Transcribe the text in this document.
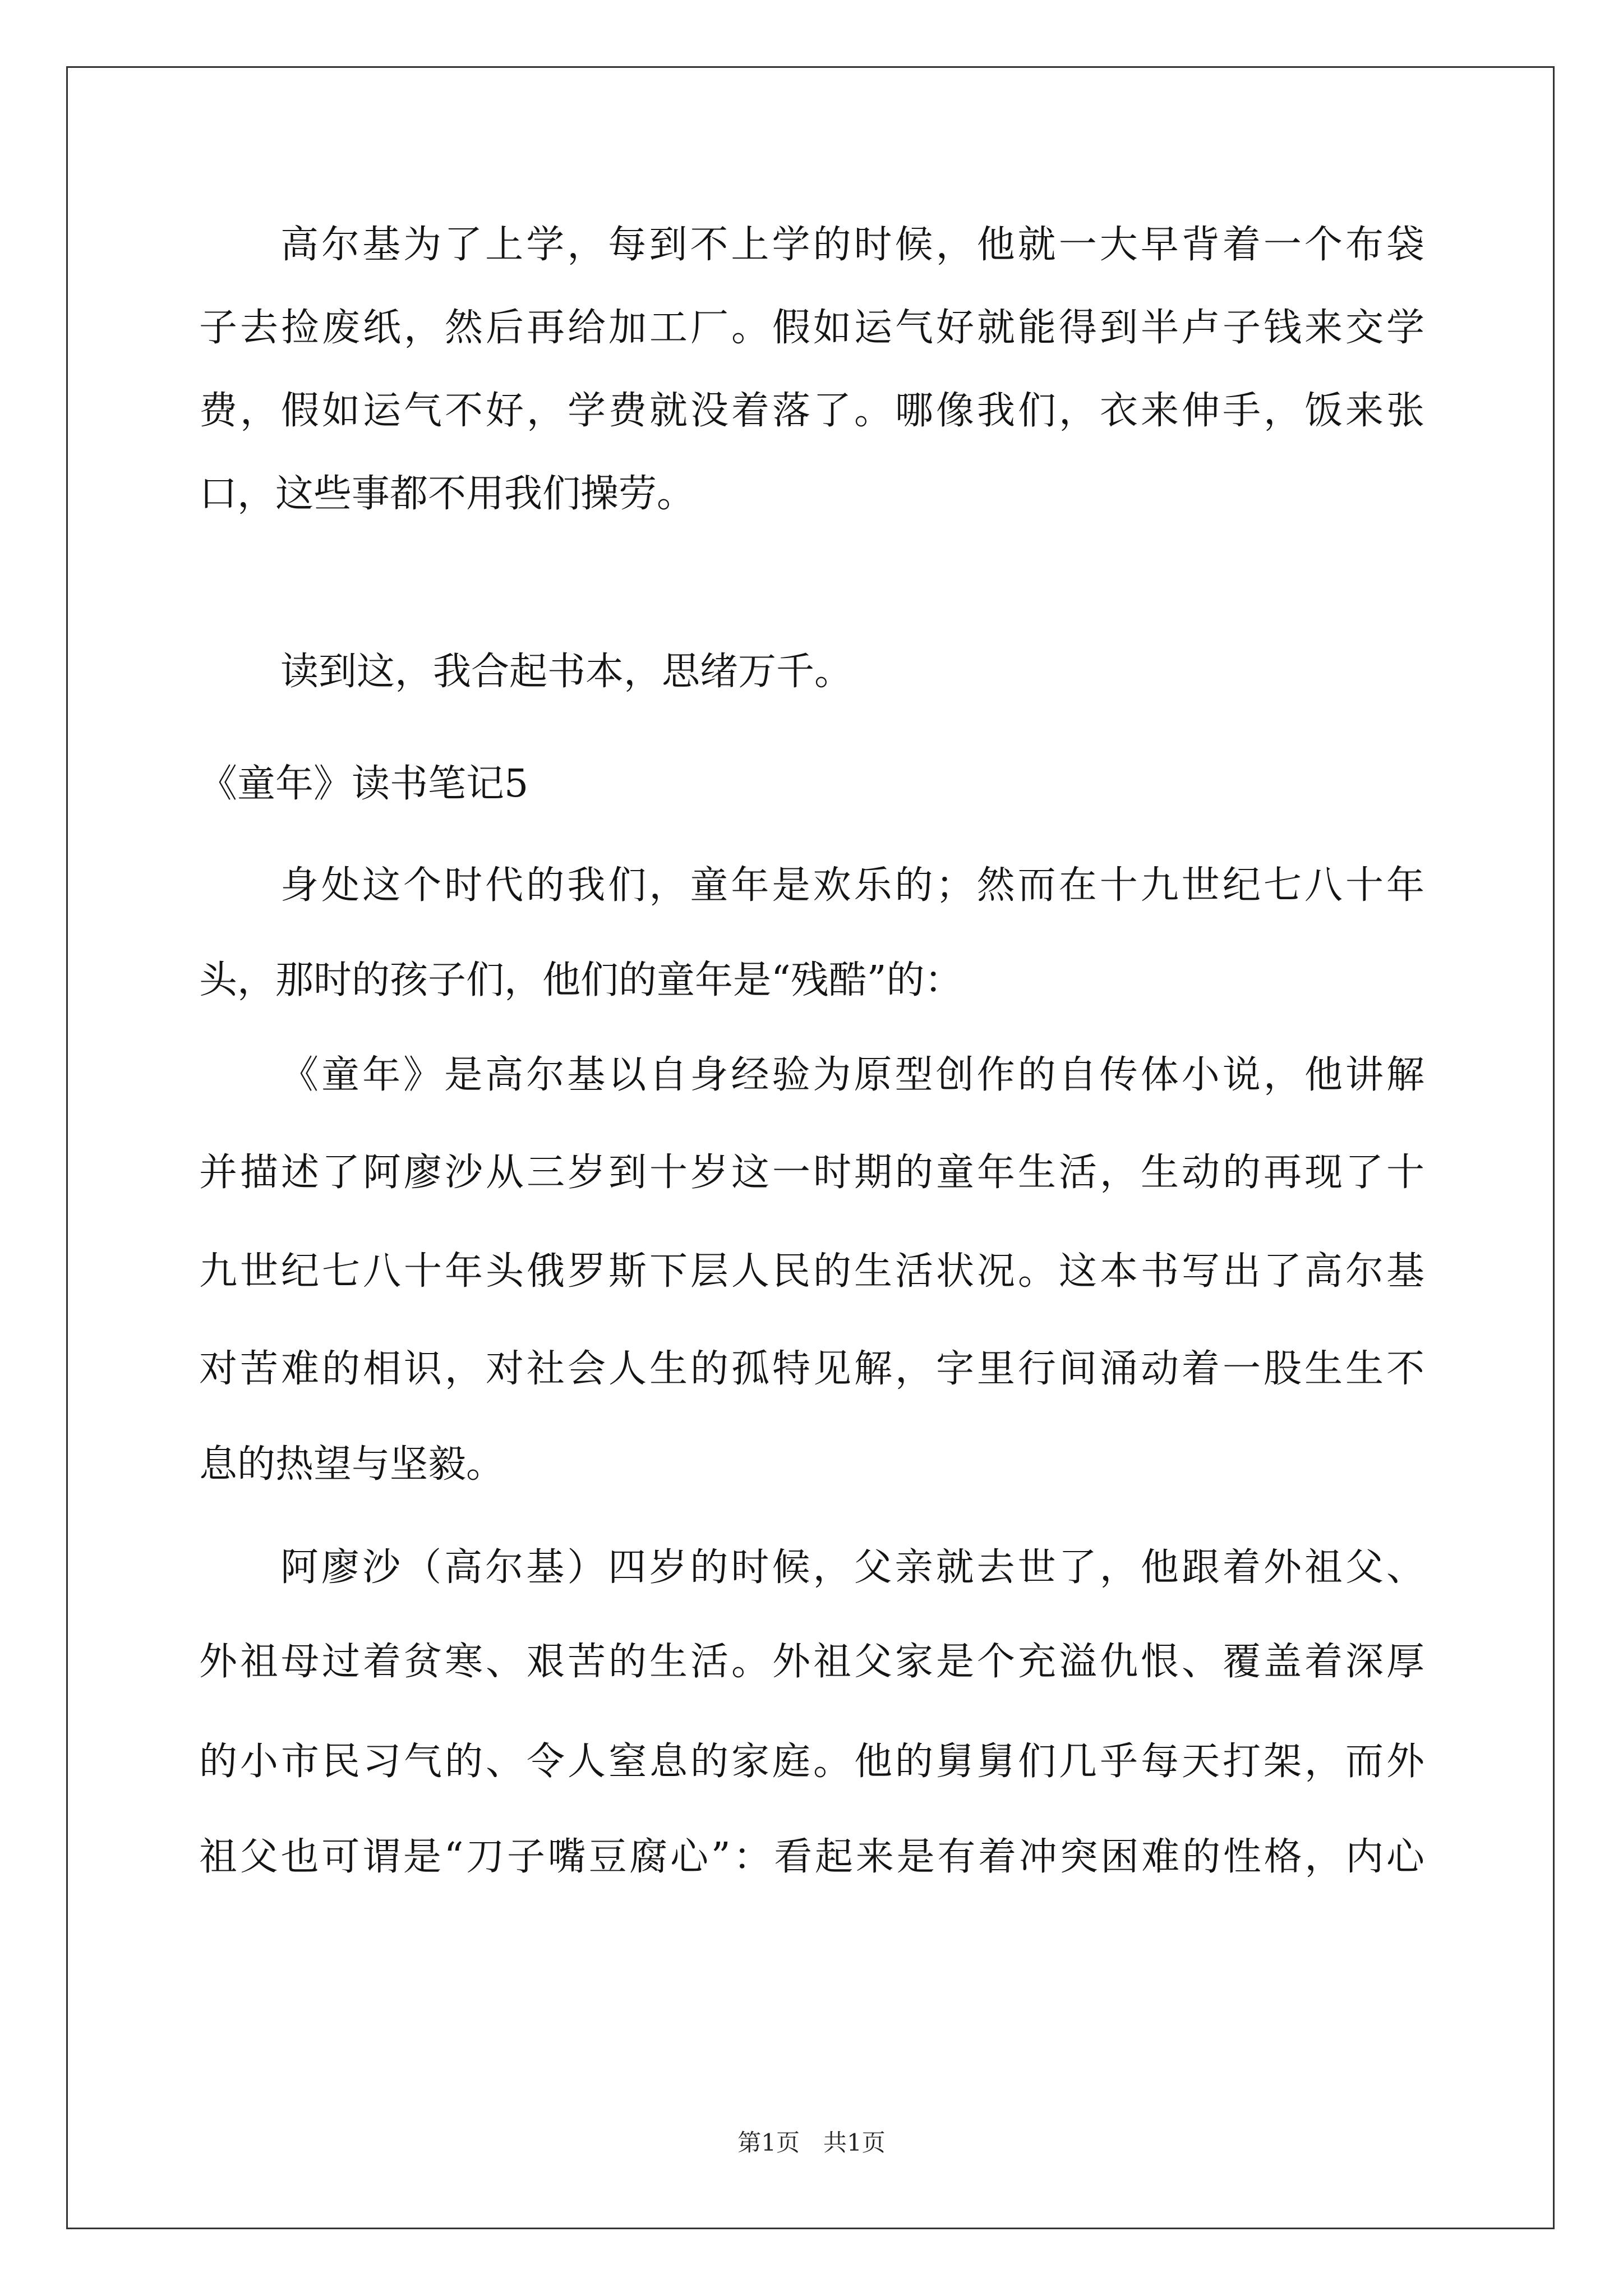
高尔基为了上学，每到不上学的时候，他就一大早背着一个布袋

子去捡废纸，然后再给加工厂。假如运气好就能得到半卢子钱来交学

费，假如运气不好，学费就没着落了。哪像我们，衣来伸手，饭来张

口，这些事都不用我们操劳。

读到这，我合起书本，思绪万千。

《童年》读书笔记5

身处这个时代的我们，童年是欢乐的；然而在十九世纪七八十年

头，那时的孩子们，他们的童年是“残酷”的：

《童年》是高尔基以自身经验为原型创作的自传体小说，他讲解

并描述了阿廖沙从三岁到十岁这一时期的童年生活，生动的再现了十

九世纪七八十年头俄罗斯下层人民的生活状况。这本书写出了高尔基

对苦难的相识，对社会人生的孤特见解，字里行间涌动着一股生生不

息的热望与坚毅。

阿廖沙（高尔基）四岁的时候，父亲就去世了，他跟着外祖父、

外祖母过着贫寒、艰苦的生活。外祖父家是个充溢仇恨、覆盖着深厚

的小市民习气的、令人窒息的家庭。他的舅舅们几乎每天打架，而外

祖父也可谓是“刀子嘴豆腐心”：看起来是有着冲突困难的性格，内心

第1页　共1页
